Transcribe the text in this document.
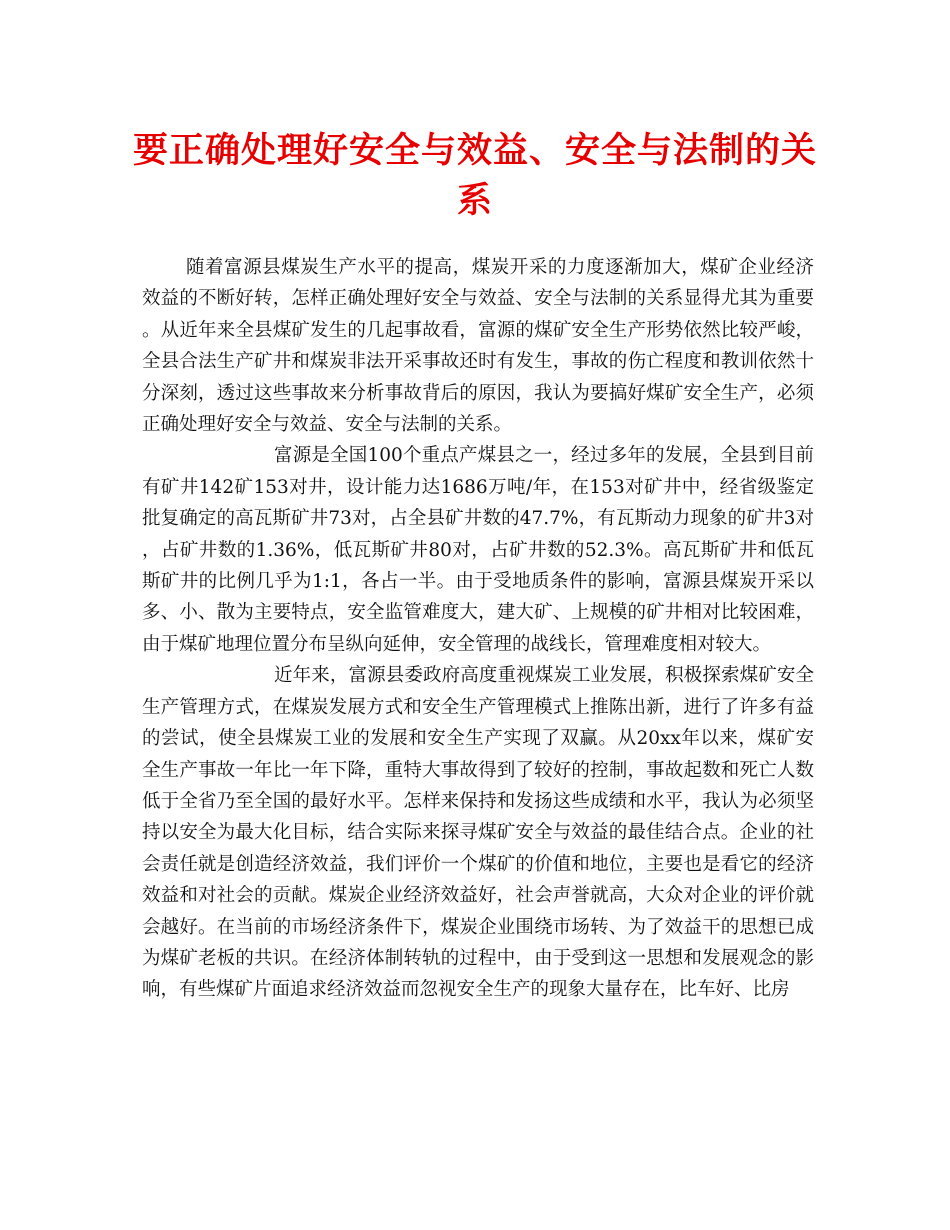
要正确处理好安全与效益、安全与法制的关系

随着富源县煤炭生产水平的提高，煤炭开采的力度逐渐加大，煤矿企业经济效益的不断好转，怎样正确处理好安全与效益、安全与法制的关系显得尤其为重要。从近年来全县煤矿发生的几起事故看，富源的煤矿安全生产形势依然比较严峻，全县合法生产矿井和煤炭非法开采事故还时有发生，事故的伤亡程度和教训依然十分深刻，透过这些事故来分析事故背后的原因，我认为要搞好煤矿安全生产，必须正确处理好安全与效益、安全与法制的关系。

富源是全国100个重点产煤县之一，经过多年的发展，全县到目前有矿井142矿153对井，设计能力达1686万吨/年，在153对矿井中，经省级鉴定批复确定的高瓦斯矿井73对，占全县矿井数的47.7%，有瓦斯动力现象的矿井3对，占矿井数的1.36%，低瓦斯矿井80对，占矿井数的52.3%。高瓦斯矿井和低瓦斯矿井的比例几乎为1:1，各占一半。由于受地质条件的影响，富源县煤炭开采以多、小、散为主要特点，安全监管难度大，建大矿、上规模的矿井相对比较困难，由于煤矿地理位置分布呈纵向延伸，安全管理的战线长，管理难度相对较大。

近年来，富源县委政府高度重视煤炭工业发展，积极探索煤矿安全生产管理方式，在煤炭发展方式和安全生产管理模式上推陈出新，进行了许多有益的尝试，使全县煤炭工业的发展和安全生产实现了双赢。从20xx年以来，煤矿安全生产事故一年比一年下降，重特大事故得到了较好的控制，事故起数和死亡人数低于全省乃至全国的最好水平。怎样来保持和发扬这些成绩和水平，我认为必须坚持以安全为最大化目标，结合实际来探寻煤矿安全与效益的最佳结合点。企业的社会责任就是创造经济效益，我们评价一个煤矿的价值和地位，主要也是看它的经济效益和对社会的贡献。煤炭企业经济效益好，社会声誉就高，大众对企业的评价就会越好。在当前的市场经济条件下，煤炭企业围绕市场转、为了效益干的思想已成为煤矿老板的共识。在经济体制转轨的过程中，由于受到这一思想和发展观念的影响，有些煤矿片面追求经济效益而忽视安全生产的现象大量存在，比车好、比房
